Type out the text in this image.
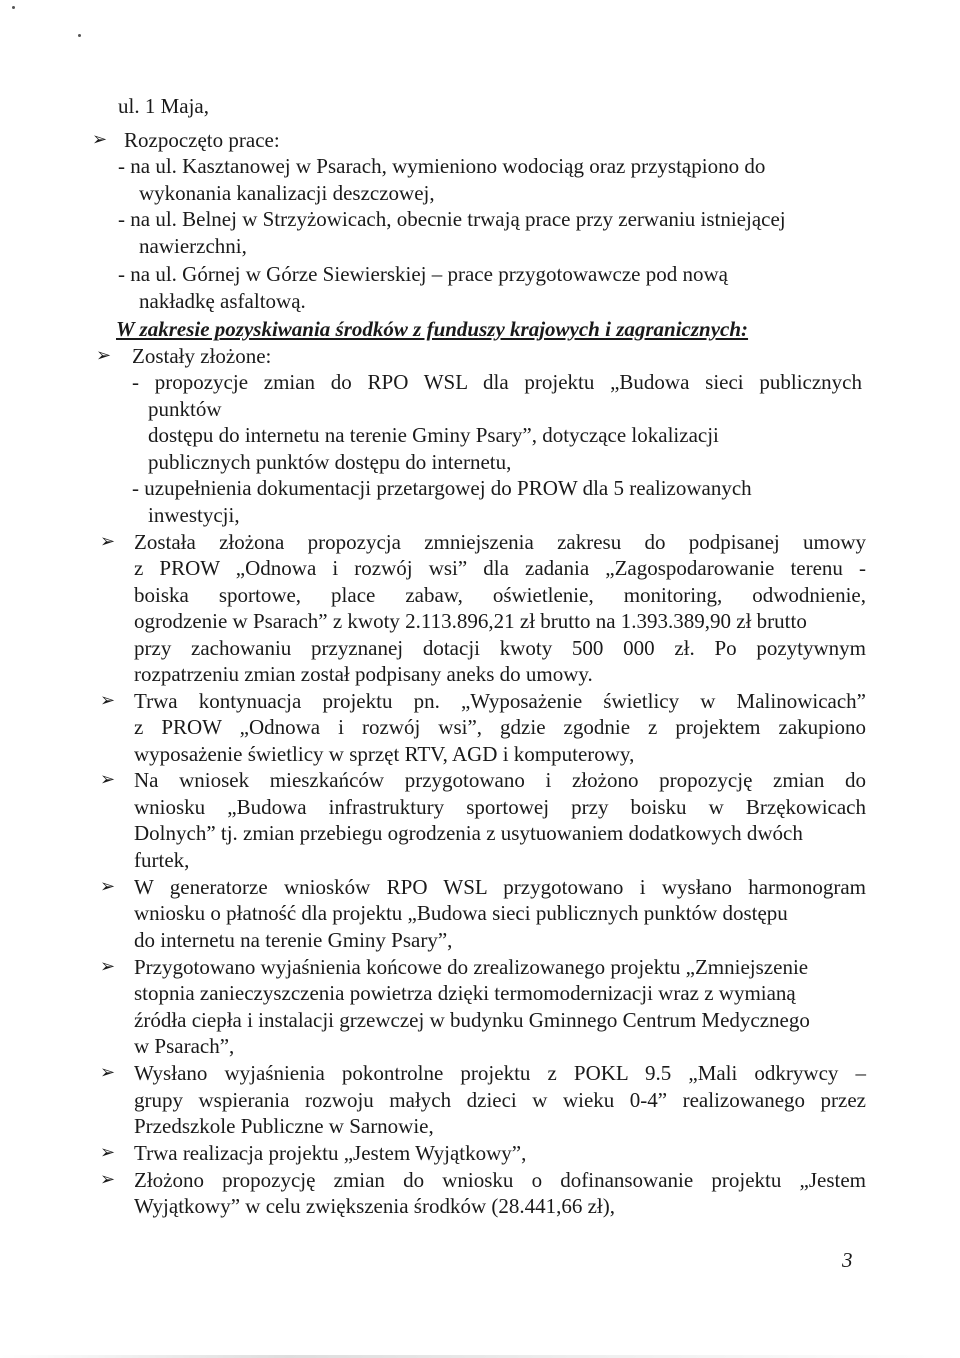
ul. 1 Maja,
➢ Rozpoczęto prace:
- na ul. Kasztanowej w Psarach, wymieniono wodociąg oraz przystąpiono do
wykonania kanalizacji deszczowej,
- na ul. Belnej w Strzyżowicach, obecnie trwają prace przy zerwaniu istniejącej
nawierzchni,
- na ul. Górnej w Górze Siewierskiej – prace przygotowawcze pod nową
nakładkę asfaltową.
W zakresie pozyskiwania środków z funduszy krajowych i zagranicznych:
➢ Zostały złożone:
- propozycje zmian do RPO WSL dla projektu „Budowa sieci publicznych
punktów
dostępu do internetu na terenie Gminy Psary”, dotyczące lokalizacji
publicznych punktów dostępu do internetu,
- uzupełnienia dokumentacji przetargowej do PROW dla 5 realizowanych
inwestycji,
➢ Została złożona propozycja zmniejszenia zakresu do podpisanej umowy
z PROW „Odnowa i rozwój wsi” dla zadania „Zagospodarowanie terenu -
boiska sportowe, place zabaw, oświetlenie, monitoring, odwodnienie,
ogrodzenie w Psarach” z kwoty 2.113.896,21 zł brutto na 1.393.389,90 zł brutto
przy zachowaniu przyznanej dotacji kwoty 500 000 zł. Po pozytywnym
rozpatrzeniu zmian został podpisany aneks do umowy.
➢ Trwa kontynuacja projektu pn. „Wyposażenie świetlicy w Malinowicach”
z PROW „Odnowa i rozwój wsi”, gdzie zgodnie z projektem zakupiono
wyposażenie świetlicy w sprzęt RTV, AGD i komputerowy,
➢ Na wniosek mieszkańców przygotowano i złożono propozycję zmian do
wniosku „Budowa infrastruktury sportowej przy boisku w Brzękowicach
Dolnych” tj. zmian przebiegu ogrodzenia z usytuowaniem dodatkowych dwóch
furtek,
➢ W generatorze wniosków RPO WSL przygotowano i wysłano harmonogram
wniosku o płatność dla projektu „Budowa sieci publicznych punktów dostępu
do internetu na terenie Gminy Psary”,
➢ Przygotowano wyjaśnienia końcowe do zrealizowanego projektu „Zmniejszenie
stopnia zanieczyszczenia powietrza dzięki termomodernizacji wraz z wymianą
źródła ciepła i instalacji grzewczej w budynku Gminnego Centrum Medycznego
w Psarach”,
➢ Wysłano wyjaśnienia pokontrolne projektu z POKL 9.5 „Mali odkrywcy –
grupy wspierania rozwoju małych dzieci w wieku 0-4” realizowanego przez
Przedszkole Publiczne w Sarnowie,
➢ Trwa realizacja projektu „Jestem Wyjątkowy”,
➢ Złożono propozycję zmian do wniosku o dofinansowanie projektu „Jestem
Wyjątkowy” w celu zwiększenia środków (28.441,66 zł),
3
